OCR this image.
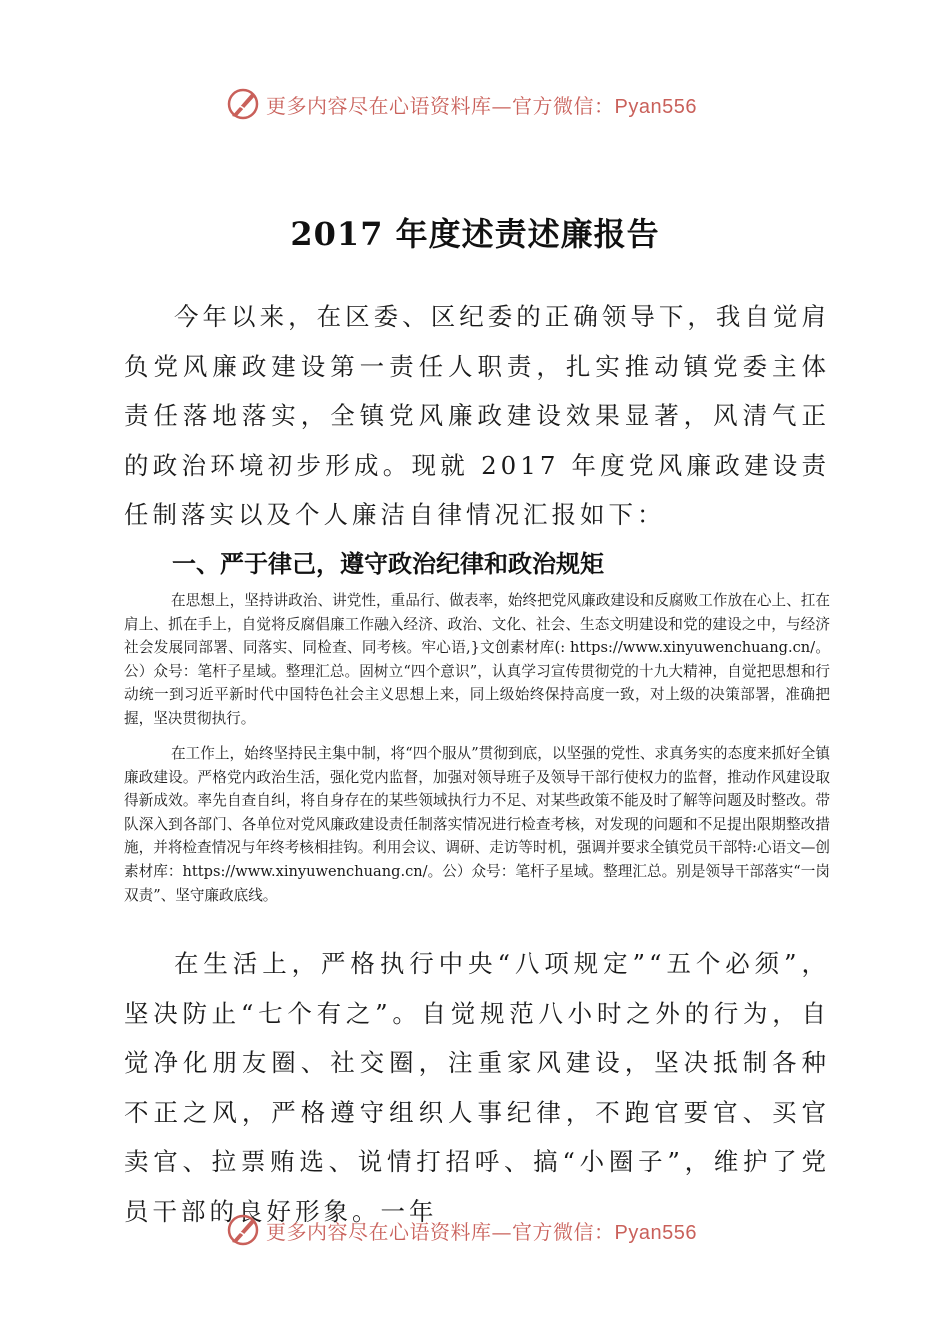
更多内容尽在心语资料库—官方微信：Pyan556
2017 年度述责述廉报告

今年以来，在区委、区纪委的正确领导下，我自觉肩负党风廉政建设第一责任人职责，扎实推动镇党委主体责任落地落实，全镇党风廉政建设效果显著，风清气正的政治环境初步形成。现就 2017 年度党风廉政建设责任制落实以及个人廉洁自律情况汇报如下：

一、严于律己，遵守政治纪律和政治规矩

在思想上，坚持讲政治、讲党性，重品行、做表率，始终把党风廉政建设和反腐败工作放在心上、扛在肩上、抓在手上，自觉将反腐倡廉工作融入经济、政治、文化、社会、生态文明建设和党的建设之中，与经济社会发展同部署、同落实、同检查、同考核。牢心语,}文创素材库(: https://www.xinyuwenchuang.cn/。公）众号：笔杆子星域。整理汇总。固树立“四个意识”，认真学习宣传贯彻党的十九大精神，自觉把思想和行动统一到习近平新时代中国特色社会主义思想上来，同上级始终保持高度一致，对上级的决策部署，准确把握，坚决贯彻执行。

在工作上，始终坚持民主集中制，将“四个服从”贯彻到底，以坚强的党性、求真务实的态度来抓好全镇廉政建设。严格党内政治生活，强化党内监督，加强对领导班子及领导干部行使权力的监督，推动作风建设取得新成效。率先自查自纠，将自身存在的某些领域执行力不足、对某些政策不能及时了解等问题及时整改。带队深入到各部门、各单位对党风廉政建设责任制落实情况进行检查考核，对发现的问题和不足提出限期整改措施，并将检查情况与年终考核相挂钩。利用会议、调研、走访等时机，强调并要求全镇党员干部特:心语文—创素材库：https://www.xinyuwenchuang.cn/。公）众号：笔杆子星域。整理汇总。别是领导干部落实“一岗双责”、坚守廉政底线。

在生活上，严格执行中央“八项规定”“五个必须”，坚决防止“七个有之”。自觉规范八小时之外的行为，自觉净化朋友圈、社交圈，注重家风建设，坚决抵制各种不正之风，严格遵守组织人事纪律，不跑官要官、买官卖官、拉票贿选、说情打招呼、搞“小圈子”，维护了党员干部的良好形象。一年

更多内容尽在心语资料库—官方微信：Pyan556
